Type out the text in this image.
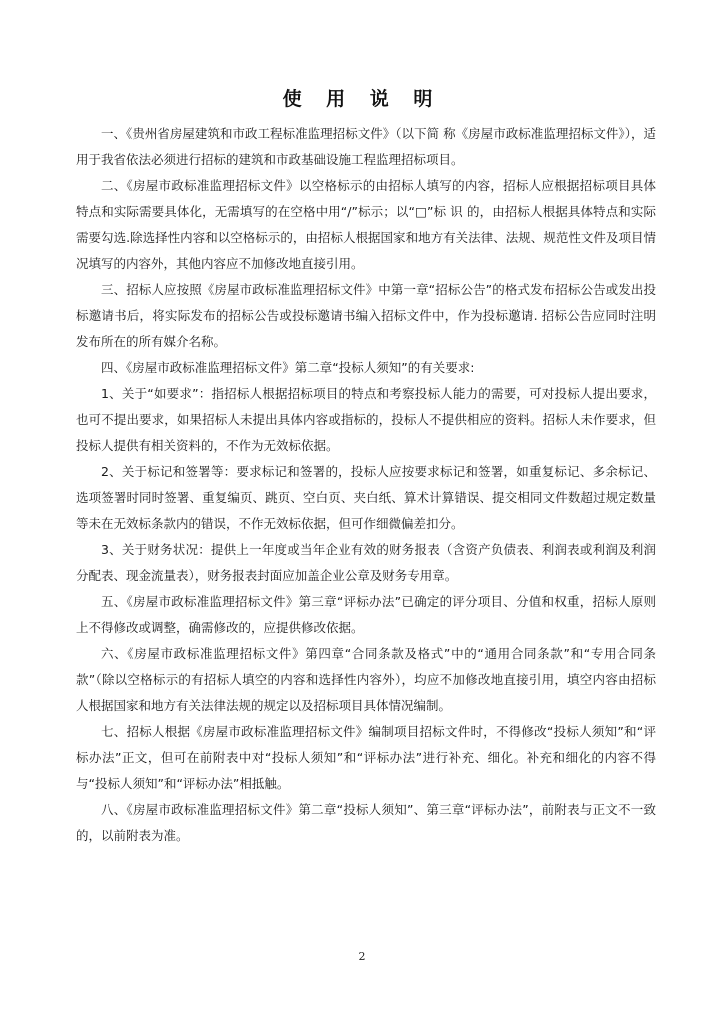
使 用 说 明

一、《贵州省房屋建筑和市政工程标准监理招标文件》（以下简 称《房屋市政标准监理招标文件》），适用于我省依法必须进行招标的建筑和市政基础设施工程监理招标项目。

二、《房屋市政标准监理招标文件》以空格标示的由招标人填写的内容，招标人应根据招标项目具体特点和实际需要具体化，无需填写的在空格中用“/”标示；以“□”标 识 的，由招标人根据具体特点和实际需要勾选.除选择性内容和以空格标示的，由招标人根据国家和地方有关法律、法规、规范性文件及项目情况填写的内容外，其他内容应不加修改地直接引用。

三、招标人应按照《房屋市政标准监理招标文件》中第一章“招标公告”的格式发布招标公告或发出投标邀请书后，将实际发布的招标公告或投标邀请书编入招标文件中，作为投标邀请. 招标公告应同时注明发布所在的所有媒介名称。

四、《房屋市政标准监理招标文件》第二章“投标人须知”的有关要求:

1、关于“如要求”：指招标人根据招标项目的特点和考察投标人能力的需要，可对投标人提出要求，也可不提出要求，如果招标人未提出具体内容或指标的，投标人不提供相应的资料。招标人未作要求，但投标人提供有相关资料的，不作为无效标依据。

2、关于标记和签署等：要求标记和签署的，投标人应按要求标记和签署，如重复标记、多余标记、选项签署时同时签署、重复编页、跳页、空白页、夹白纸、算术计算错误、提交相同文件数超过规定数量等未在无效标条款内的错误，不作无效标依据，但可作细微偏差扣分。

3、关于财务状况：提供上一年度或当年企业有效的财务报表（含资产负债表、利润表或利润及利润分配表、现金流量表），财务报表封面应加盖企业公章及财务专用章。

五、《房屋市政标准监理招标文件》第三章“评标办法”已确定的评分项目、分值和权重，招标人原则上不得修改或调整，确需修改的，应提供修改依据。

六、《房屋市政标准监理招标文件》第四章“合同条款及格式”中的“通用合同条款”和“专用合同条款”（除以空格标示的有招标人填空的内容和选择性内容外），均应不加修改地直接引用，填空内容由招标人根据国家和地方有关法律法规的规定以及招标项目具体情况编制。

七、招标人根据《房屋市政标准监理招标文件》编制项目招标文件时，不得修改“投标人须知”和“评标办法”正文，但可在前附表中对“投标人须知”和“评标办法”进行补充、细化。补充和细化的内容不得与“投标人须知”和“评标办法”相抵触。

八、《房屋市政标准监理招标文件》第二章“投标人须知”、第三章“评标办法”，前附表与正文不一致的，以前附表为准。

2
